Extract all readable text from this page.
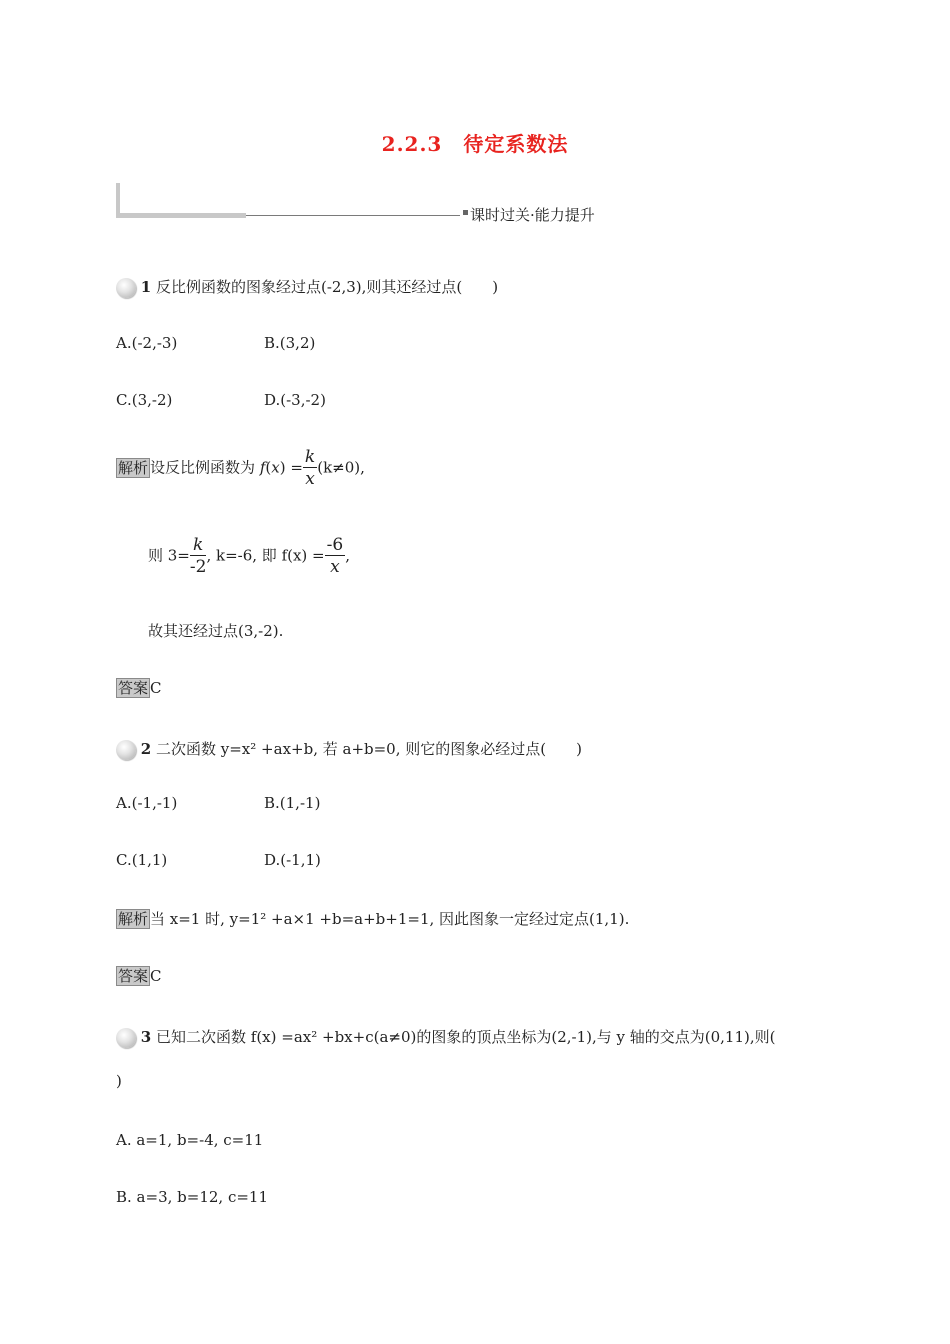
2.2.3　待定系数法
课时过关·能力提升
1 反比例函数的图象经过点(-2,3),则其还经过点(　　)
A.(-2,-3)	B.(3,2)
C.(3,-2)	D.(-3,-2)
解析 设反比例函数为 $f(x) = \frac{k}{x} (k\ne 0)$,
则 $3= \frac{k}{-2}$ , k=-6, 即 $f(x) = \frac{-6}{x}$ ,
故其还经过点(3,-2).
答案 C
2 二次函数 y=x² +ax+b, 若 a+b=0, 则它的图象必经过点(　　)
A.(-1,-1)	B.(1,-1)
C.(1,1)	D.(-1,1)
解析 当 x=1 时, y=1² +a×1 +b=a+b+1=1, 因此图象一定经过定点(1,1).
答案 C
3 已知二次函数 f(x) =ax² +bx+c(a≠0)的图象的顶点坐标为(2,-1),与 y 轴的交点为(0,11),则(
)
A. a=1, b=-4, c=11
B. a=3, b=12, c=11
